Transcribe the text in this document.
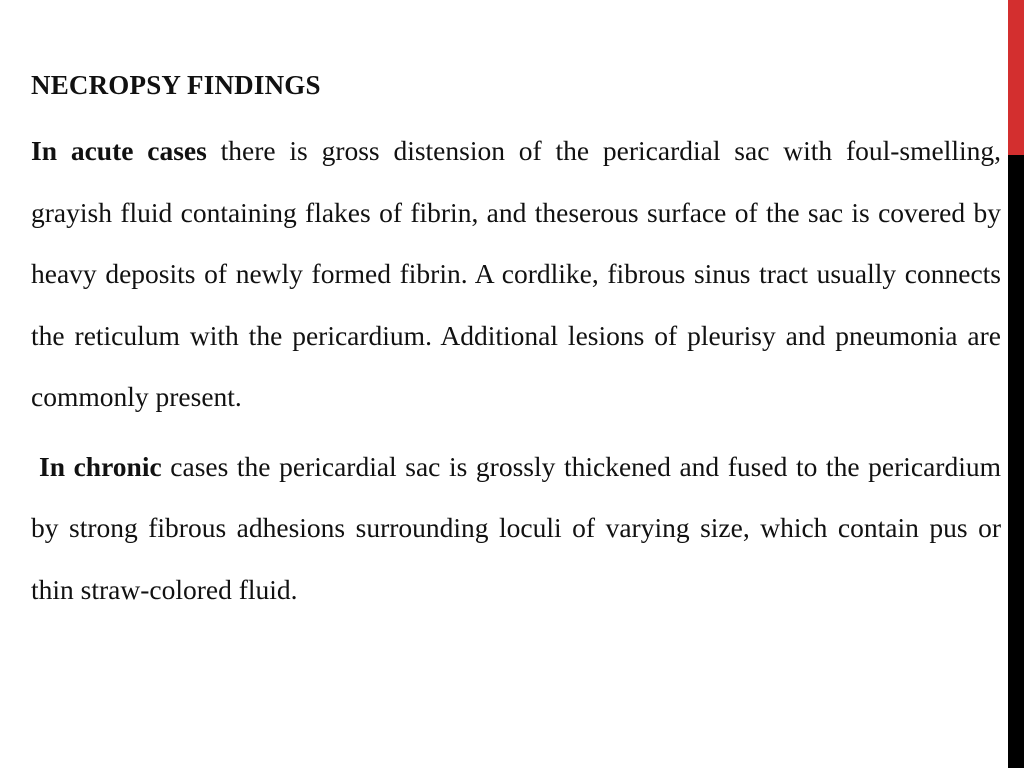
NECROPSY FINDINGS

In acute cases there is gross distension of the pericardial sac with foul-smelling, grayish fluid containing flakes of fibrin, and theserous surface of the sac is covered by heavy deposits of newly formed fibrin. A cordlike, fibrous sinus tract usually connects the reticulum with the pericardium. Additional lesions of pleurisy and pneumonia are commonly present.

In chronic cases the pericardial sac is grossly thickened and fused to the pericardium by strong fibrous adhesions surrounding loculi of varying size, which contain pus or thin straw-colored fluid.
